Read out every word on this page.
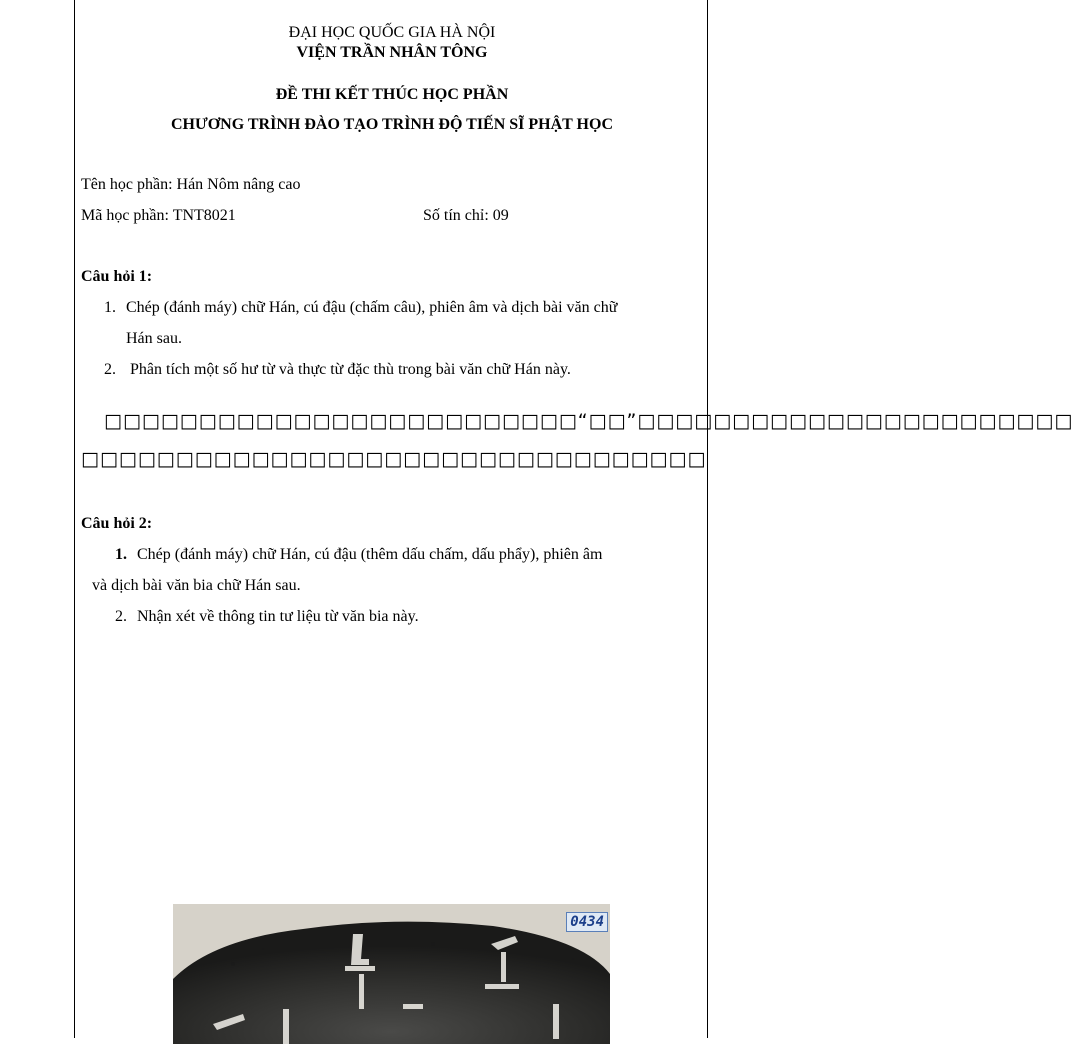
ĐẠI HỌC QUỐC GIA HÀ NỘI
VIỆN TRẦN NHÂN TÔNG
ĐỀ THI KẾT THÚC HỌC PHẦN
CHƯƠNG TRÌNH ĐÀO TẠO TRÌNH ĐỘ TIẾN SĨ PHẬT HỌC
Tên học phần: Hán Nôm nâng cao
Mã học phần: TNT8021	Số tín chỉ: 09
Câu hỏi 1:
1. Chép (đánh máy) chữ Hán, cú đậu (chấm câu), phiên âm và dịch bài văn chữ
Hán sau.
2. Phân tích một số hư từ và thực từ đặc thù trong bài văn chữ Hán này.
□□□□□□□□□□□□□□□□□□□□□□□□□“□□”□□□□□□□□□□□□□□□□□□□□□□□
□□□□□□□□□□□□□□□□□□□□□□□□□□□□□□□□□
Câu hỏi 2:
1. Chép (đánh máy) chữ Hán, cú đậu (thêm dấu chấm, dấu phẩy), phiên âm
và dịch bài văn bia chữ Hán sau.
2. Nhận xét về thông tin tư liệu từ văn bia này.
0434
